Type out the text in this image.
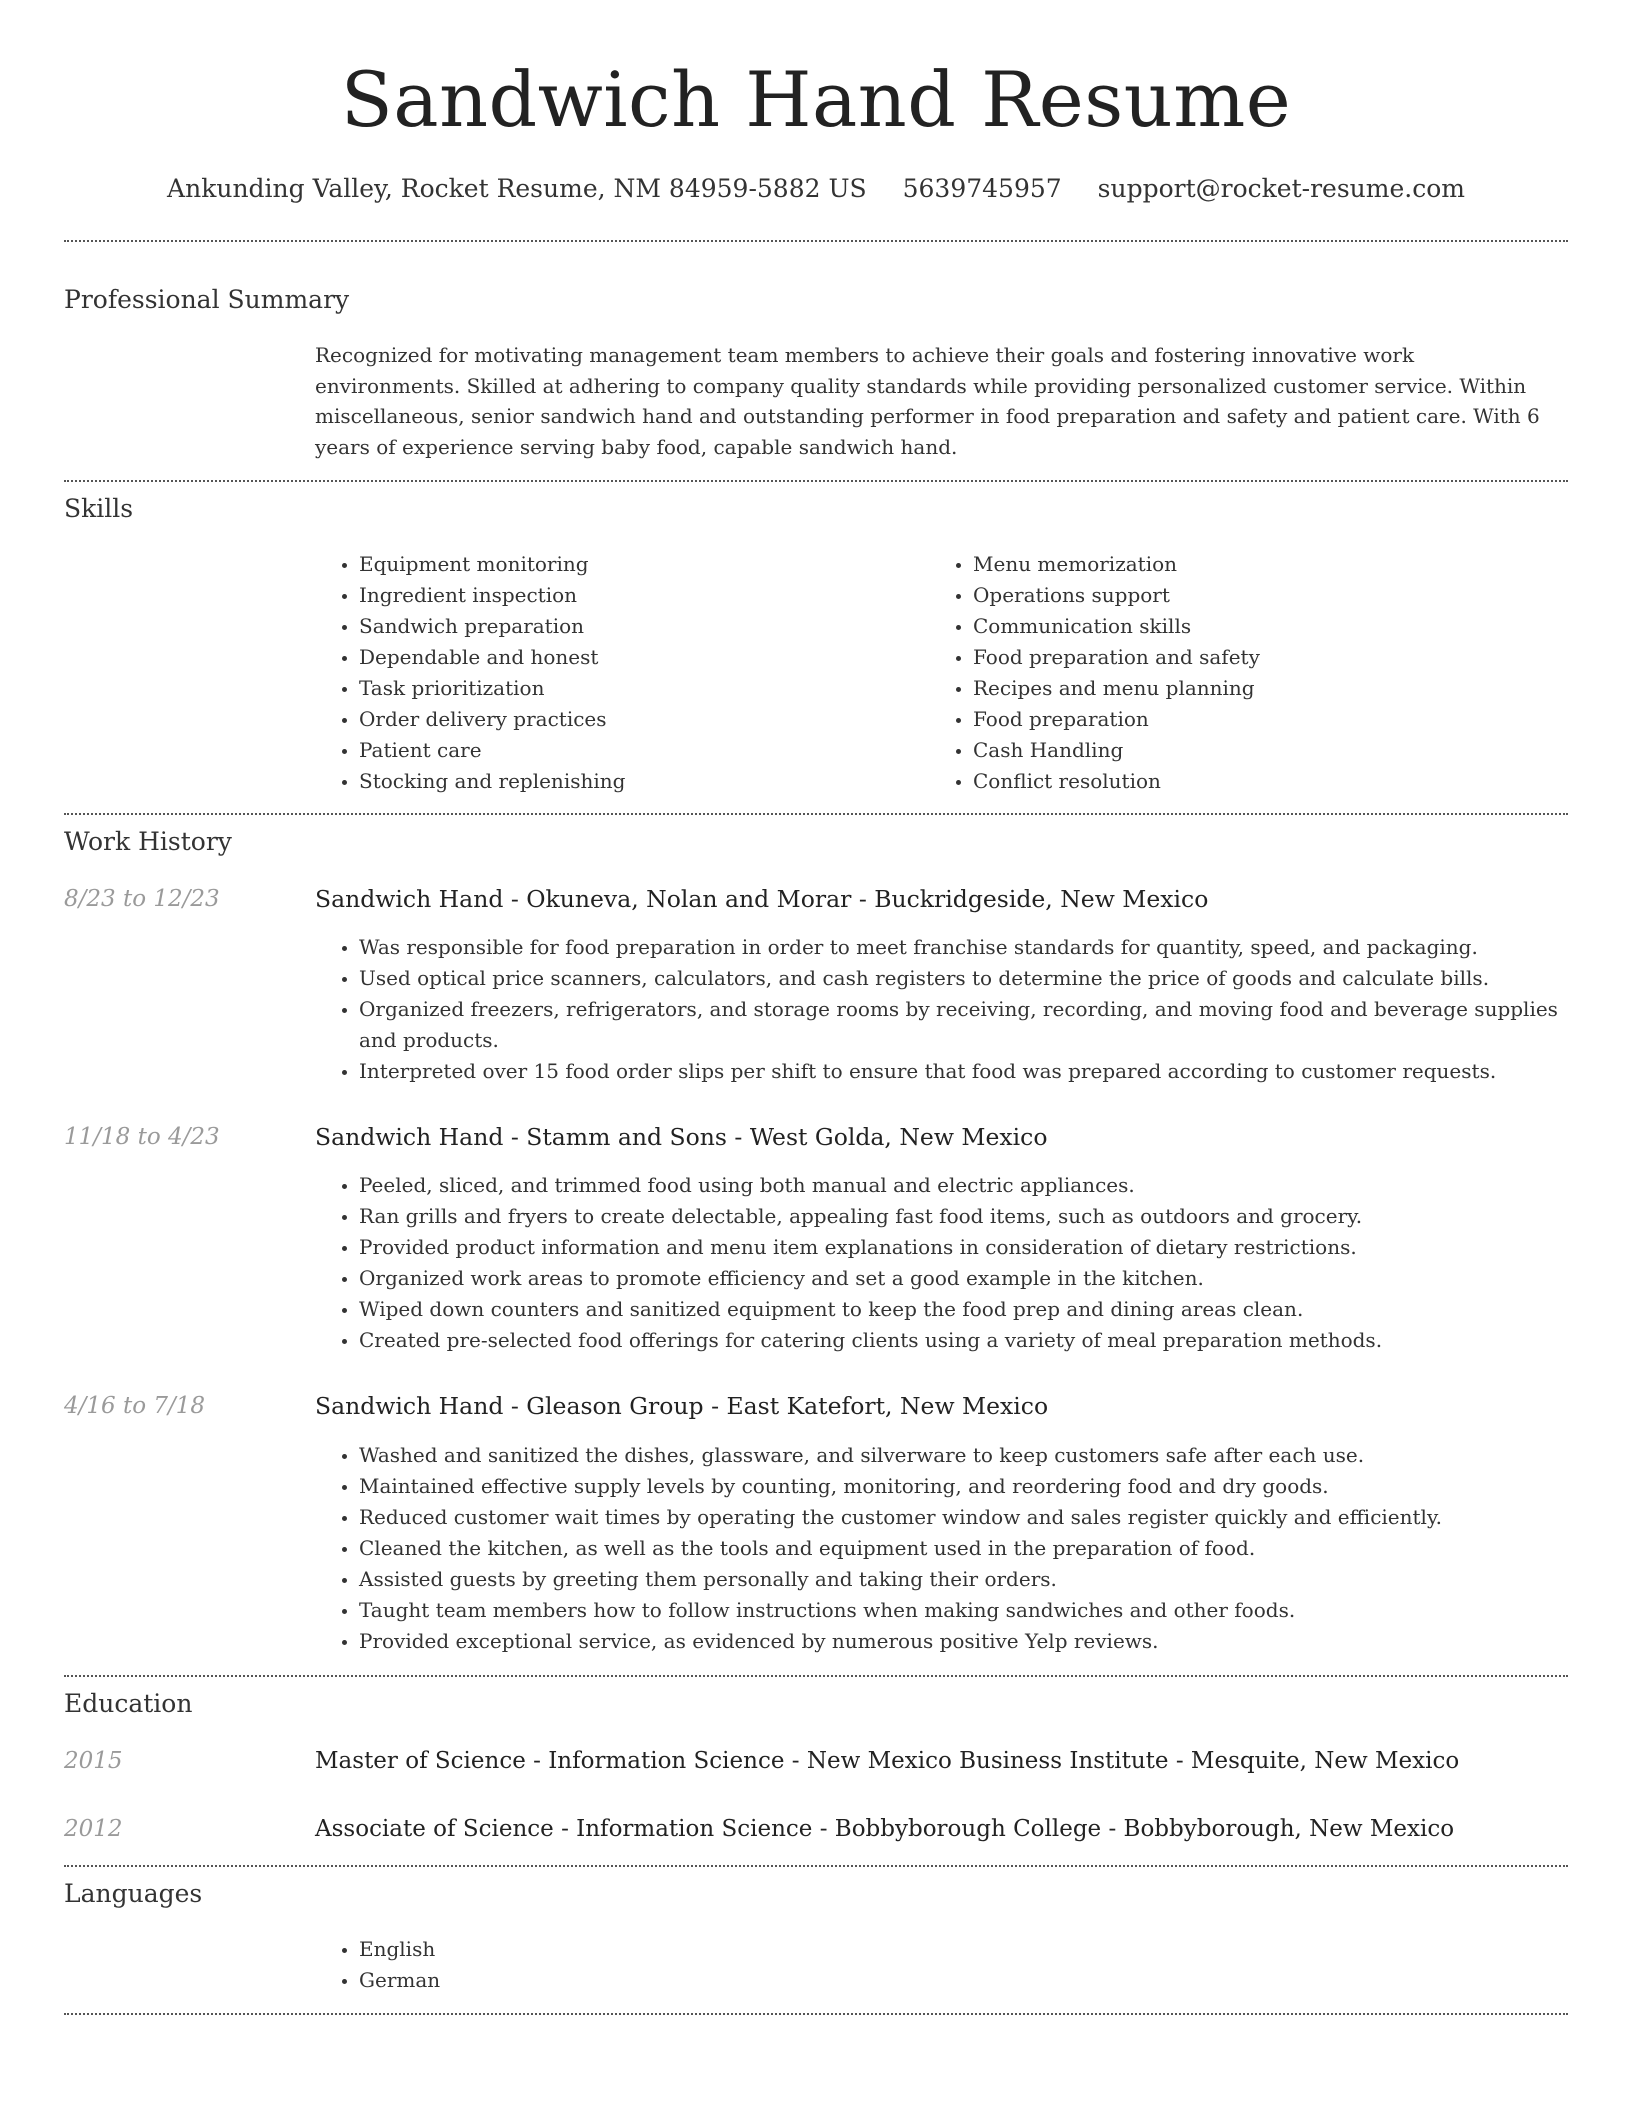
Sandwich Hand Resume
Ankunding Valley, Rocket Resume, NM 84959-5882 US 5639745957 support@rocket-resume.com
Professional Summary

Recognized for motivating management team members to achieve their goals and fostering innovative work environments. Skilled at adhering to company quality standards while providing personalized customer service. Within miscellaneous, senior sandwich hand and outstanding performer in food preparation and safety and patient care. With 6 years of experience serving baby food, capable sandwich hand.

Skills
• Equipment monitoring
• Ingredient inspection
• Sandwich preparation
• Dependable and honest
• Task prioritization
• Order delivery practices
• Patient care
• Stocking and replenishing
• Menu memorization
• Operations support
• Communication skills
• Food preparation and safety
• Recipes and menu planning
• Food preparation
• Cash Handling
• Conflict resolution
Work History
8/23 to 12/23	Sandwich Hand - Okuneva, Nolan and Morar - Buckridgeside, New Mexico
• Was responsible for food preparation in order to meet franchise standards for quantity, speed, and packaging.
• Used optical price scanners, calculators, and cash registers to determine the price of goods and calculate bills.
• Organized freezers, refrigerators, and storage rooms by receiving, recording, and moving food and beverage supplies and products.
• Interpreted over 15 food order slips per shift to ensure that food was prepared according to customer requests.
11/18 to 4/23	Sandwich Hand - Stamm and Sons - West Golda, New Mexico
• Peeled, sliced, and trimmed food using both manual and electric appliances.
• Ran grills and fryers to create delectable, appealing fast food items, such as outdoors and grocery.
• Provided product information and menu item explanations in consideration of dietary restrictions.
• Organized work areas to promote efficiency and set a good example in the kitchen.
• Wiped down counters and sanitized equipment to keep the food prep and dining areas clean.
• Created pre-selected food offerings for catering clients using a variety of meal preparation methods.
4/16 to 7/18	Sandwich Hand - Gleason Group - East Katefort, New Mexico
• Washed and sanitized the dishes, glassware, and silverware to keep customers safe after each use.
• Maintained effective supply levels by counting, monitoring, and reordering food and dry goods.
• Reduced customer wait times by operating the customer window and sales register quickly and efficiently.
• Cleaned the kitchen, as well as the tools and equipment used in the preparation of food.
• Assisted guests by greeting them personally and taking their orders.
• Taught team members how to follow instructions when making sandwiches and other foods.
• Provided exceptional service, as evidenced by numerous positive Yelp reviews.
Education
2015	Master of Science - Information Science - New Mexico Business Institute - Mesquite, New Mexico
2012	Associate of Science - Information Science - Bobbyborough College - Bobbyborough, New Mexico
Languages
• English
• German
